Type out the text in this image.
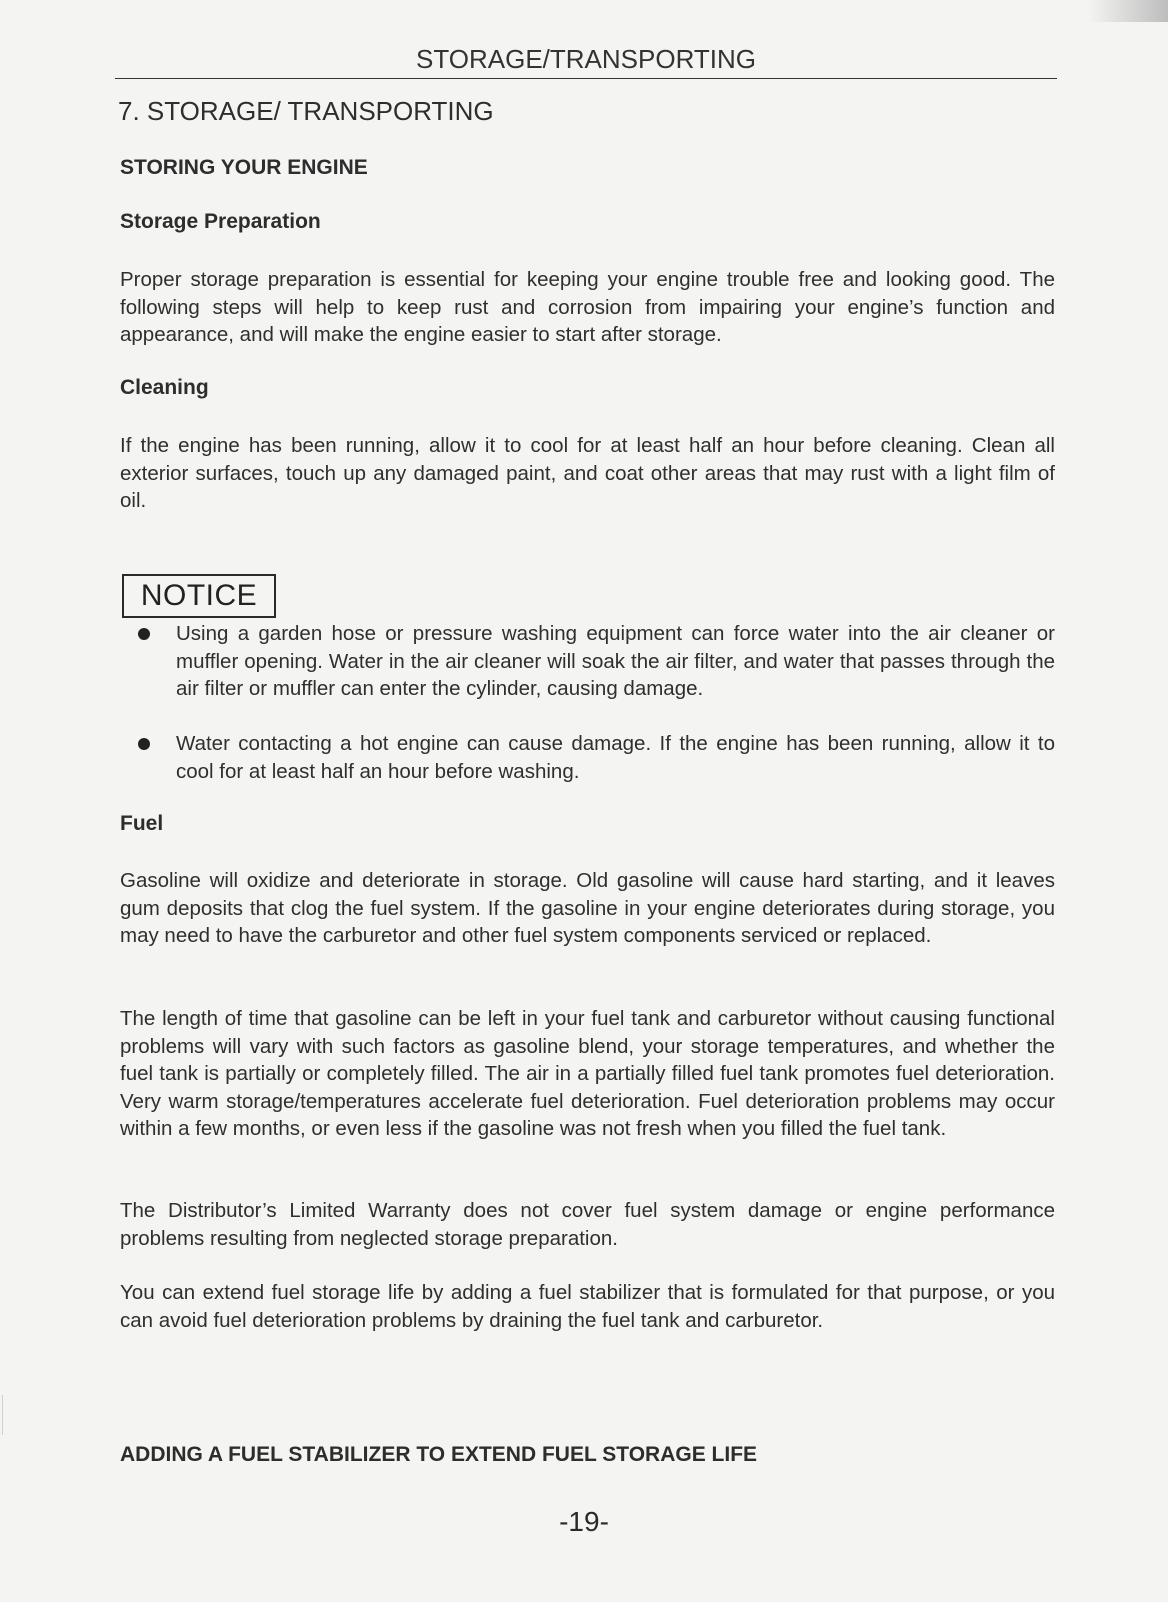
STORAGE/TRANSPORTING
7. STORAGE/ TRANSPORTING
STORING YOUR ENGINE
Storage Preparation
Proper storage preparation is essential for keeping your engine trouble free and looking good. The following steps will help to keep rust and corrosion from impairing your engine’s function and appearance, and will make the engine easier to start after storage.
Cleaning
If the engine has been running, allow it to cool for at least half an hour before cleaning. Clean all exterior surfaces, touch up any damaged paint, and coat other areas that may rust with a light film of oil.
NOTICE
Using a garden hose or pressure washing equipment can force water into the air cleaner or muffler opening. Water in the air cleaner will soak the air filter, and water that passes through the air filter or muffler can enter the cylinder, causing damage.
Water contacting a hot engine can cause damage. If the engine has been running, allow it to cool for at least half an hour before washing.
Fuel
Gasoline will oxidize and deteriorate in storage. Old gasoline will cause hard starting, and it leaves gum deposits that clog the fuel system. If the gasoline in your engine deteriorates during storage, you may need to have the carburetor and other fuel system components serviced or replaced.
The length of time that gasoline can be left in your fuel tank and carburetor without causing functional problems will vary with such factors as gasoline blend, your storage temperatures, and whether the fuel tank is partially or completely filled. The air in a partially filled fuel tank promotes fuel deterioration. Very warm storage/temperatures accelerate fuel deterioration. Fuel deterioration problems may occur within a few months, or even less if the gasoline was not fresh when you filled the fuel tank.
The Distributor’s Limited Warranty does not cover fuel system damage or engine performance problems resulting from neglected storage preparation.
You can extend fuel storage life by adding a fuel stabilizer that is formulated for that purpose, or you can avoid fuel deterioration problems by draining the fuel tank and carburetor.
ADDING A FUEL STABILIZER TO EXTEND FUEL STORAGE LIFE
-19-
